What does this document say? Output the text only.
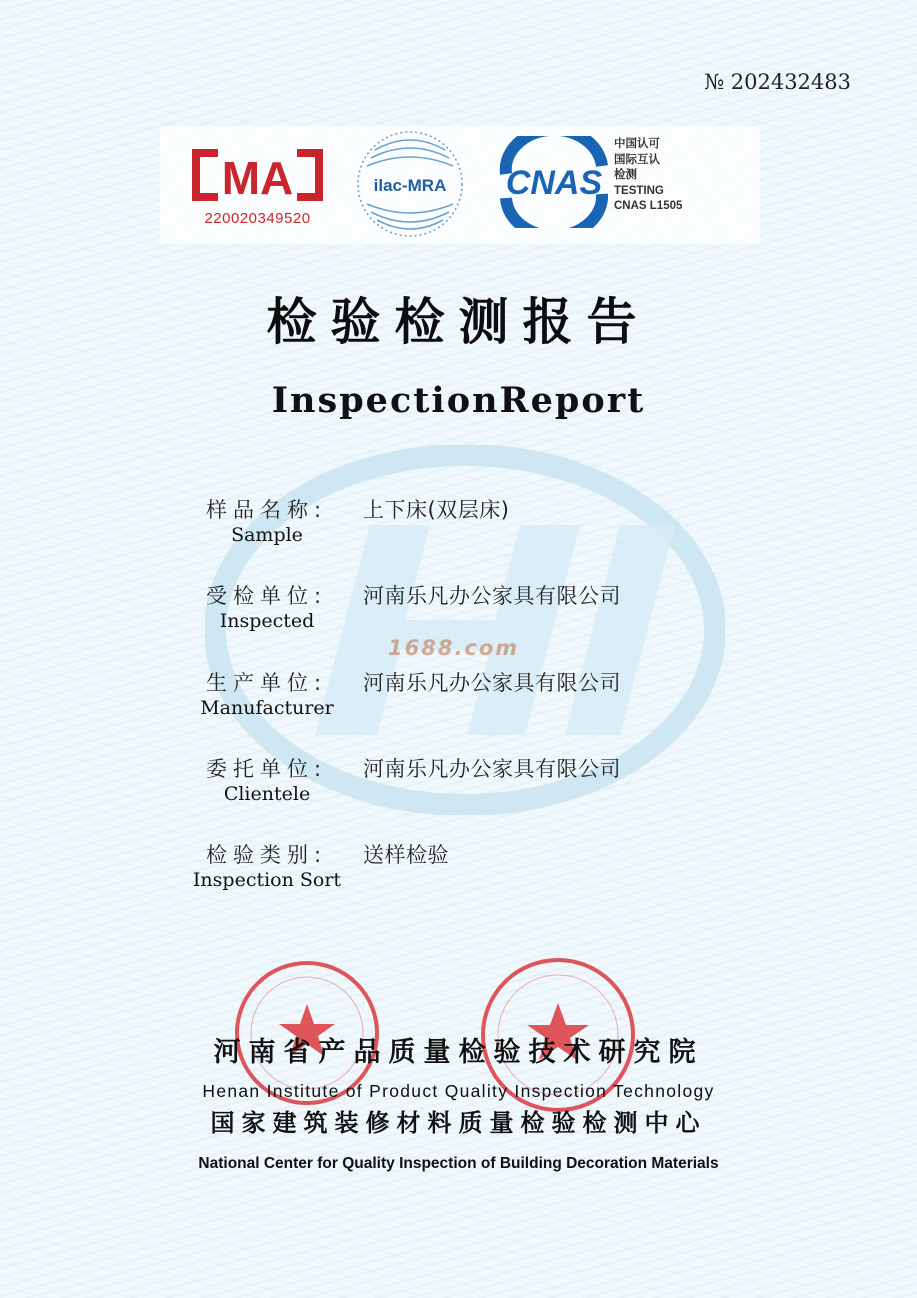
№ 202432483
MA
220020349520
ilac-MRA CNAS
中国认可
国际互认
检测
TESTING
CNAS L1505
检验检测报告
InspectionReport
样品名称: 上下床(双层床)
Sample
受检单位: 河南乐凡办公家具有限公司
Inspected
1688.com
生产单位: 河南乐凡办公家具有限公司
Manufacturer
委托单位: 河南乐凡办公家具有限公司
Clientele
检验类别: 送样检验
Inspection Sort
河南省产品质量检验技术研究院
Henan Institute of Product Quality Inspection Technology
国家建筑装修材料质量检验检测中心
National Center for Quality Inspection of Building Decoration Materials
